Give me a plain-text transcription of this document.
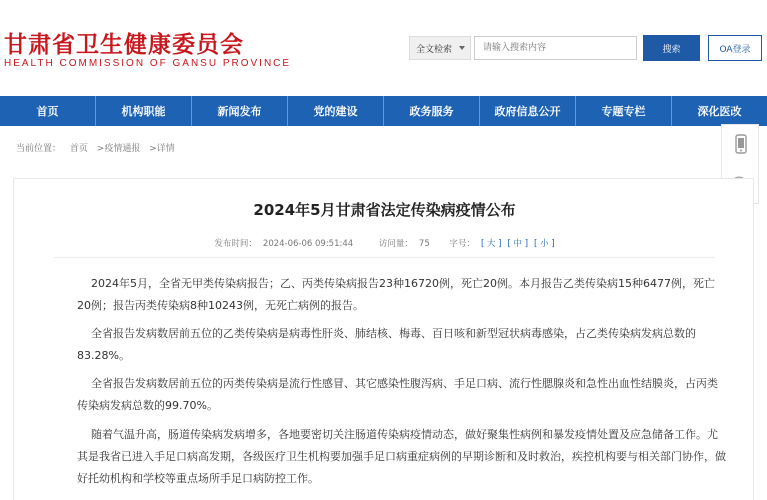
甘肃省卫生健康委员会
HEALTH COMMISSION OF GANSU PROVINCE
全文检索
请输入搜索内容	搜索	OA登录
首页	机构职能	新闻发布	党的建设	政务服务	政府信息公开	专题专栏	深化医改
当前位置： 首页 >疫情通报 >详情
2024年5月甘肃省法定传染病疫情公布
发布时间： 2024-06-06 09:51:44	访问量： 75 字号： [ 大 ] [ 中 ] [ 小 ]

2024年5月，全省无甲类传染病报告；乙、丙类传染病报告23种16720例，死亡20例。本月报告乙类传染病15种6477例，死亡20例；报告丙类传染病8种10243例，无死亡病例的报告。

全省报告发病数居前五位的乙类传染病是病毒性肝炎、肺结核、梅毒、百日咳和新型冠状病毒感染，占乙类传染病发病总数的83.28%。

全省报告发病数居前五位的丙类传染病是流行性感冒、其它感染性腹泻病、手足口病、流行性腮腺炎和急性出血性结膜炎，占丙类传染病发病总数的99.70%。

随着气温升高，肠道传染病发病增多，各地要密切关注肠道传染病疫情动态，做好聚集性病例和暴发疫情处置及应急储备工作。尤其是我省已进入手足口病高发期，各级医疗卫生机构要加强手足口病重症病例的早期诊断和及时救治，疾控机构要与相关部门协作，做好托幼机构和学校等重点场所手足口病防控工作。
